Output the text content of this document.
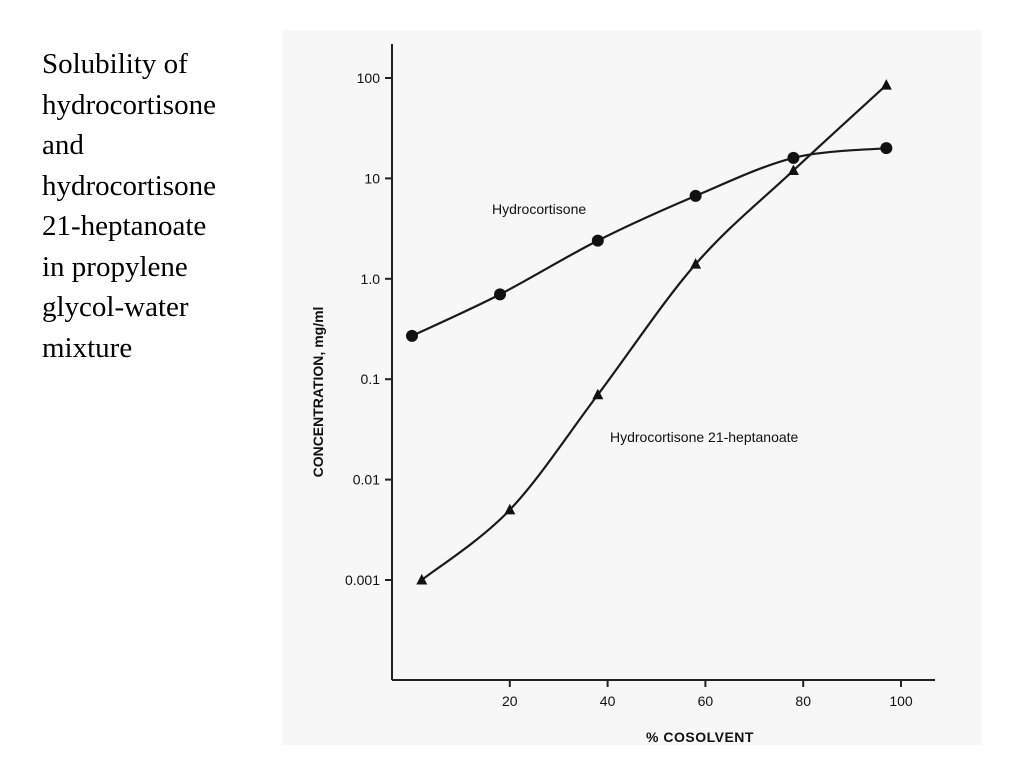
Solubility of
hydrocortisone
and
hydrocortisone
21-heptanoate
in propylene
glycol-water
mixture
0.001
0.01
0.1
1.0
10
100
20	40	60	80	100
% COSOLVENT
CONCENTRATION, mg/ml
Hydrocortisone
Hydrocortisone 21-heptanoate
